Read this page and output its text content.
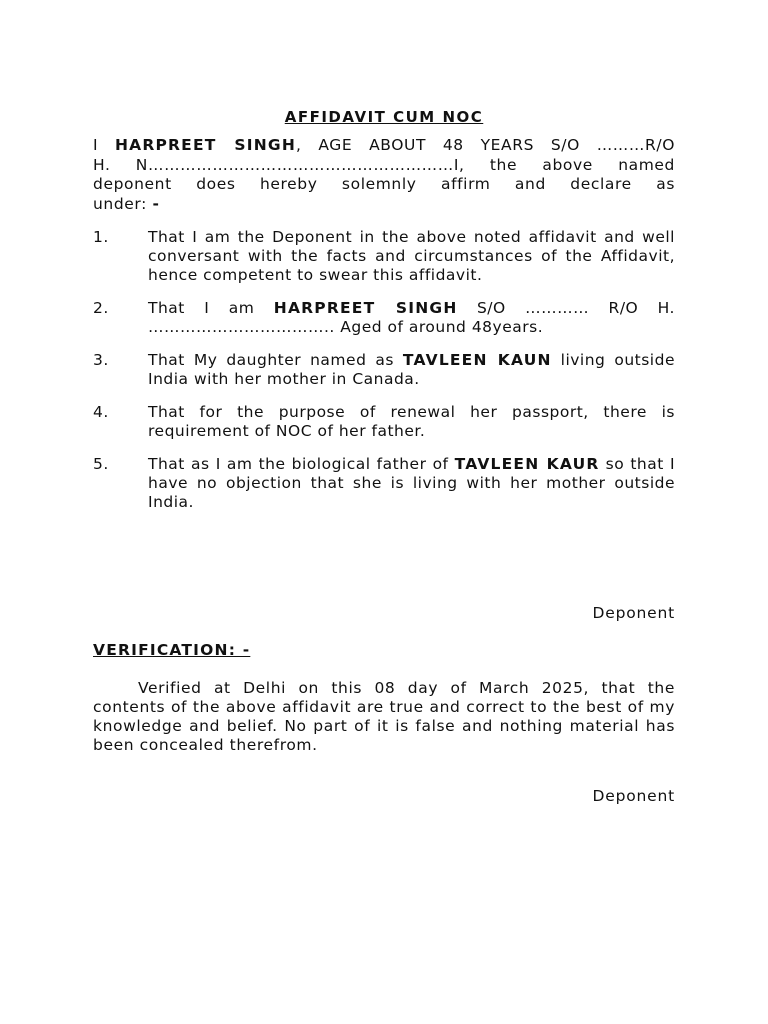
AFFIDAVIT CUM NOC
I HARPREET SINGH, AGE ABOUT 48 YEARS S/O ………R/O
H. N…………………………………………………I, the above named
deponent does hereby solemnly affirm and declare as
under: -
1.	That I am the Deponent in the above noted affidavit and well conversant with the facts and circumstances of the Affidavit, hence competent to swear this affidavit.
2.	That I am HARPREET SINGH S/O ………… R/O H. …………………………….. Aged of around 48years.
3.	That My daughter named as TAVLEEN KAUN living outside India with her mother in Canada.
4.	That for the purpose of renewal her passport, there is requirement of NOC of her father.
5.	That as I am the biological father of TAVLEEN KAUR so that I have no objection that she is living with her mother outside India.
Deponent
VERIFICATION: -
Verified at Delhi on this 08 day of March 2025, that the contents of the above affidavit are true and correct to the best of my knowledge and belief. No part of it is false and nothing material has been concealed therefrom.
Deponent
